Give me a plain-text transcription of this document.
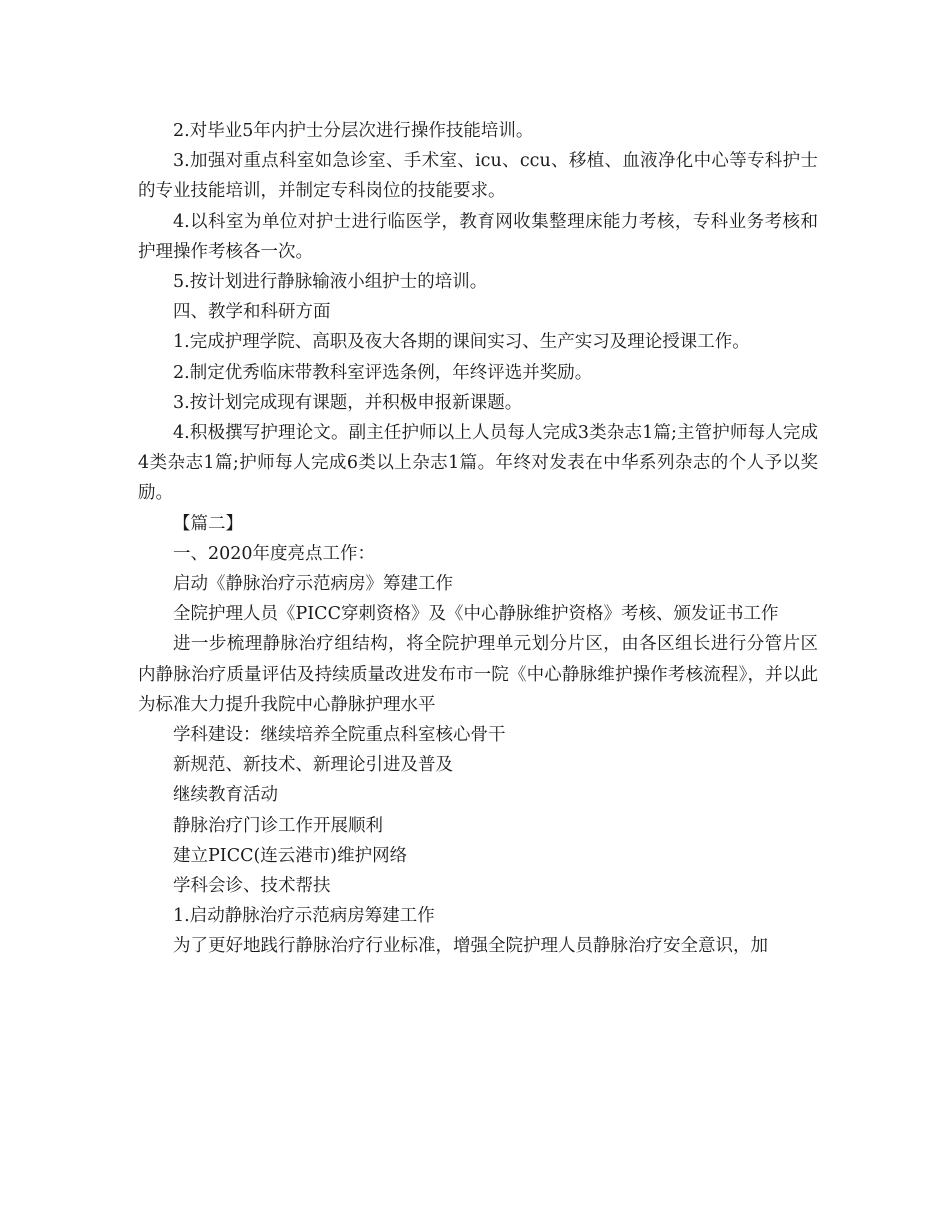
2.对毕业5年内护士分层次进行操作技能培训。

3.加强对重点科室如急诊室、手术室、icu、ccu、移植、血液净化中心等专科护士的专业技能培训，并制定专科岗位的技能要求。

4.以科室为单位对护士进行临医学，教育网收集整理床能力考核，专科业务考核和护理操作考核各一次。

5.按计划进行静脉输液小组护士的培训。

四、教学和科研方面

1.完成护理学院、高职及夜大各期的课间实习、生产实习及理论授课工作。

2.制定优秀临床带教科室评选条例，年终评选并奖励。

3.按计划完成现有课题，并积极申报新课题。

4.积极撰写护理论文。副主任护师以上人员每人完成3类杂志1篇;主管护师每人完成4类杂志1篇;护师每人完成6类以上杂志1篇。年终对发表在中华系列杂志的个人予以奖励。

【篇二】

一、2020年度亮点工作：

启动《静脉治疗示范病房》筹建工作

全院护理人员《PICC穿刺资格》及《中心静脉维护资格》考核、颁发证书工作

进一步梳理静脉治疗组结构，将全院护理单元划分片区，由各区组长进行分管片区内静脉治疗质量评估及持续质量改进发布市一院《中心静脉维护操作考核流程》，并以此为标准大力提升我院中心静脉护理水平

学科建设：继续培养全院重点科室核心骨干

新规范、新技术、新理论引进及普及

继续教育活动

静脉治疗门诊工作开展顺利

建立PICC(连云港市)维护网络

学科会诊、技术帮扶

1.启动静脉治疗示范病房筹建工作

为了更好地践行静脉治疗行业标准，增强全院护理人员静脉治疗安全意识，加
